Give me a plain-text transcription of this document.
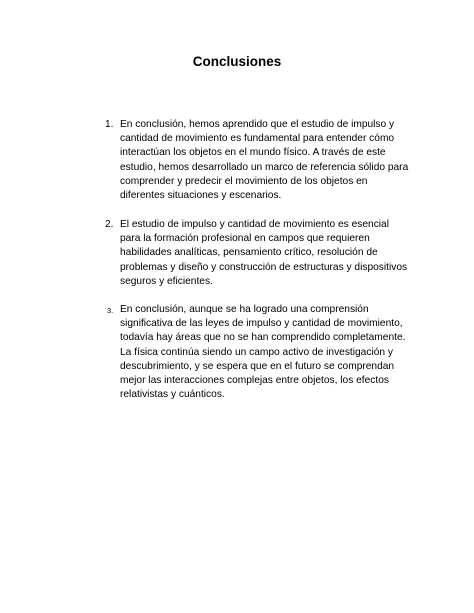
Conclusiones
1. En conclusión, hemos aprendido que el estudio de impulso y
cantidad de movimiento es fundamental para entender cómo
interactúan los objetos en el mundo físico. A través de este
estudio, hemos desarrollado un marco de referencia sólido para
comprender y predecir el movimiento de los objetos en
diferentes situaciones y escenarios.
2. El estudio de impulso y cantidad de movimiento es esencial
para la formación profesional en campos que requieren
habilidades analíticas, pensamiento crítico, resolución de
problemas y diseño y construcción de estructuras y dispositivos
seguros y eficientes.
3. En conclusión, aunque se ha logrado una comprensión
significativa de las leyes de impulso y cantidad de movimiento,
todavía hay áreas que no se han comprendido completamente.
La física continúa siendo un campo activo de investigación y
descubrimiento, y se espera que en el futuro se comprendan
mejor las interacciones complejas entre objetos, los efectos
relativistas y cuánticos.
